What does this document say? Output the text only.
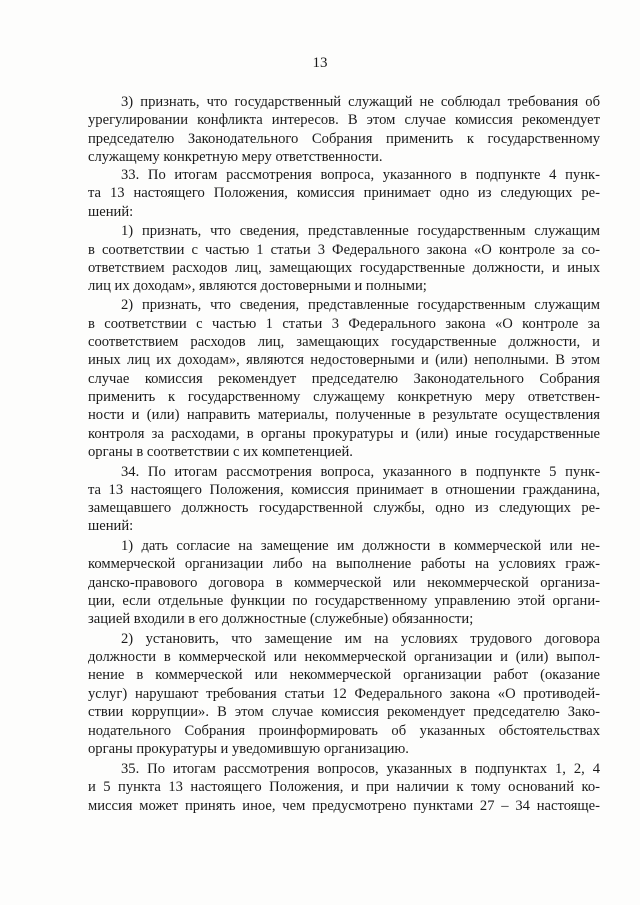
13
3) признать, что государственный служащий не соблюдал требования об
урегулировании конфликта интересов. В этом случае комиссия рекомендует
председателю Законодательного Собрания применить к государственному
служащему конкретную меру ответственности.
33. По итогам рассмотрения вопроса, указанного в подпункте 4 пунк-
та 13 настоящего Положения, комиссия принимает одно из следующих ре-
шений:
1) признать, что сведения, представленные государственным служащим
в соответствии с частью 1 статьи 3 Федерального закона «О контроле за со-
ответствием расходов лиц, замещающих государственные должности, и иных
лиц их доходам», являются достоверными и полными;
2) признать, что сведения, представленные государственным служащим
в соответствии с частью 1 статьи 3 Федерального закона «О контроле за
соответствием расходов лиц, замещающих государственные должности, и
иных лиц их доходам», являются недостоверными и (или) неполными. В этом
случае комиссия рекомендует председателю Законодательного Собрания
применить к государственному служащему конкретную меру ответствен-
ности и (или) направить материалы, полученные в результате осуществления
контроля за расходами, в органы прокуратуры и (или) иные государственные
органы в соответствии с их компетенцией.
34. По итогам рассмотрения вопроса, указанного в подпункте 5 пунк-
та 13 настоящего Положения, комиссия принимает в отношении гражданина,
замещавшего должность государственной службы, одно из следующих ре-
шений:
1) дать согласие на замещение им должности в коммерческой или не-
коммерческой организации либо на выполнение работы на условиях граж-
данско-правового договора в коммерческой или некоммерческой организа-
ции, если отдельные функции по государственному управлению этой органи-
зацией входили в его должностные (служебные) обязанности;
2) установить, что замещение им на условиях трудового договора
должности в коммерческой или некоммерческой организации и (или) выпол-
нение в коммерческой или некоммерческой организации работ (оказание
услуг) нарушают требования статьи 12 Федерального закона «О противодей-
ствии коррупции». В этом случае комиссия рекомендует председателю Зако-
нодательного Собрания проинформировать об указанных обстоятельствах
органы прокуратуры и уведомившую организацию.
35. По итогам рассмотрения вопросов, указанных в подпунктах 1, 2, 4
и 5 пункта 13 настоящего Положения, и при наличии к тому оснований ко-
миссия может принять иное, чем предусмотрено пунктами 27 – 34 настояще-
